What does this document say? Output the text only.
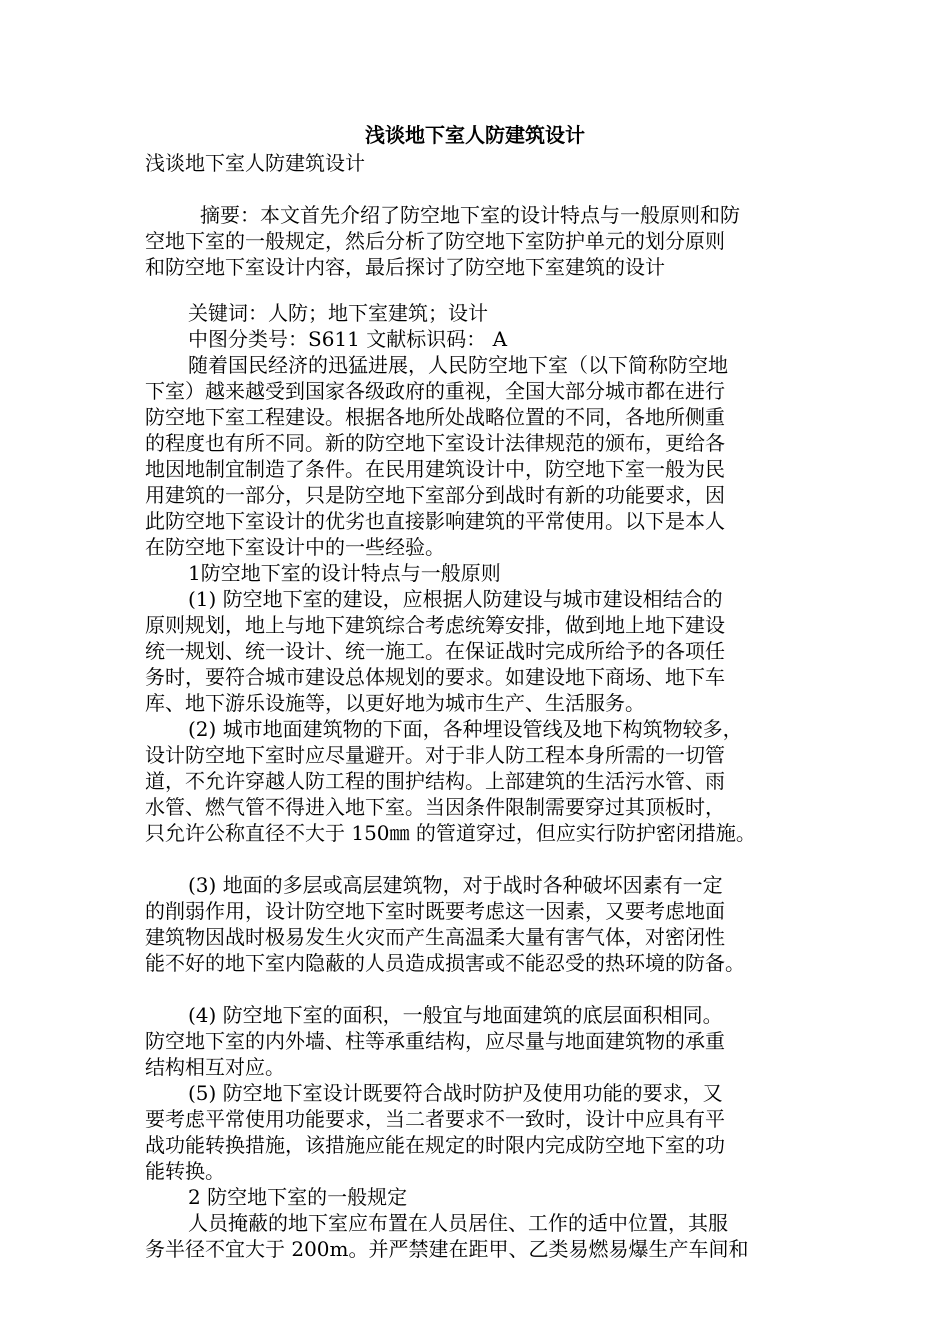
浅谈地下室人防建筑设计
浅谈地下室人防建筑设计
摘要：本文首先介绍了防空地下室的设计特点与一般原则和防
空地下室的一般规定，然后分析了防空地下室防护单元的划分原则
和防空地下室设计内容，最后探讨了防空地下室建筑的设计
关键词：人防；地下室建筑；设计
中图分类号：S611 文献标识码： A
随着国民经济的迅猛进展，人民防空地下室（以下简称防空地
下室）越来越受到国家各级政府的重视，全国大部分城市都在进行
防空地下室工程建设。根据各地所处战略位置的不同，各地所侧重
的程度也有所不同。新的防空地下室设计法律规范的颁布，更给各
地因地制宜制造了条件。在民用建筑设计中，防空地下室一般为民
用建筑的一部分，只是防空地下室部分到战时有新的功能要求，因
此防空地下室设计的优劣也直接影响建筑的平常使用。以下是本人
在防空地下室设计中的一些经验。
1防空地下室的设计特点与一般原则
(1) 防空地下室的建设，应根据人防建设与城市建设相结合的
原则规划，地上与地下建筑综合考虑统筹安排，做到地上地下建设
统一规划、统一设计、统一施工。在保证战时完成所给予的各项任
务时，要符合城市建设总体规划的要求。如建设地下商场、地下车
库、地下游乐设施等，以更好地为城市生产、生活服务。
(2) 城市地面建筑物的下面，各种埋设管线及地下构筑物较多，
设计防空地下室时应尽量避开。对于非人防工程本身所需的一切管
道，不允许穿越人防工程的围护结构。上部建筑的生活污水管、雨
水管、燃气管不得进入地下室。当因条件限制需要穿过其顶板时，
只允许公称直径不大于 150㎜ 的管道穿过，但应实行防护密闭措施。
(3) 地面的多层或高层建筑物，对于战时各种破坏因素有一定
的削弱作用，设计防空地下室时既要考虑这一因素，又要考虑地面
建筑物因战时极易发生火灾而产生高温柔大量有害气体，对密闭性
能不好的地下室内隐蔽的人员造成损害或不能忍受的热环境的防备。
(4) 防空地下室的面积，一般宜与地面建筑的底层面积相同。
防空地下室的内外墙、柱等承重结构，应尽量与地面建筑物的承重
结构相互对应。
(5) 防空地下室设计既要符合战时防护及使用功能的要求，又
要考虑平常使用功能要求，当二者要求不一致时，设计中应具有平
战功能转换措施，该措施应能在规定的时限内完成防空地下室的功
能转换。
2 防空地下室的一般规定
人员掩蔽的地下室应布置在人员居住、工作的适中位置，其服
务半径不宜大于 200m。并严禁建在距甲、乙类易燃易爆生产车间和
